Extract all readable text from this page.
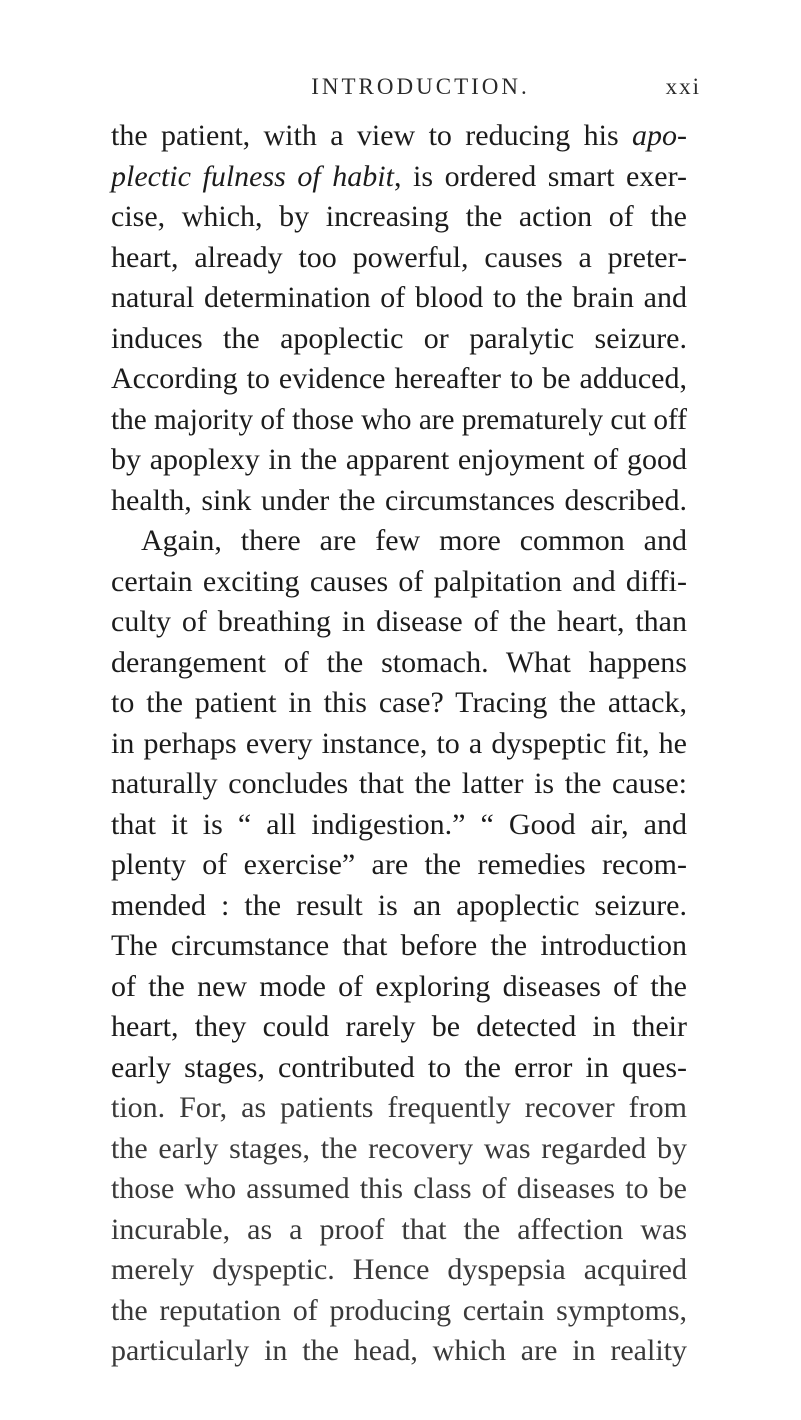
INTRODUCTION.	xxi
the patient, with a view to reducing his apo-
plectic fulness of habit, is ordered smart exer-
cise, which, by increasing the action of the
heart, already too powerful, causes a preter-
natural determination of blood to the brain and
induces the apoplectic or paralytic seizure.
According to evidence hereafter to be adduced,
the majority of those who are prematurely cut off
by apoplexy in the apparent enjoyment of good
health, sink under the circumstances described.
Again, there are few more common and
certain exciting causes of palpitation and diffi-
culty of breathing in disease of the heart, than
derangement of the stomach. What happens
to the patient in this case? Tracing the attack,
in perhaps every instance, to a dyspeptic fit, he
naturally concludes that the latter is the cause:
that it is “ all indigestion.” “ Good air, and
plenty of exercise” are the remedies recom-
mended : the result is an apoplectic seizure.
The circumstance that before the introduction
of the new mode of exploring diseases of the
heart, they could rarely be detected in their
early stages, contributed to the error in ques-
tion. For, as patients frequently recover from
the early stages, the recovery was regarded by
those who assumed this class of diseases to be
incurable, as a proof that the affection was
merely dyspeptic. Hence dyspepsia acquired
the reputation of producing certain symptoms,
particularly in the head, which are in reality
